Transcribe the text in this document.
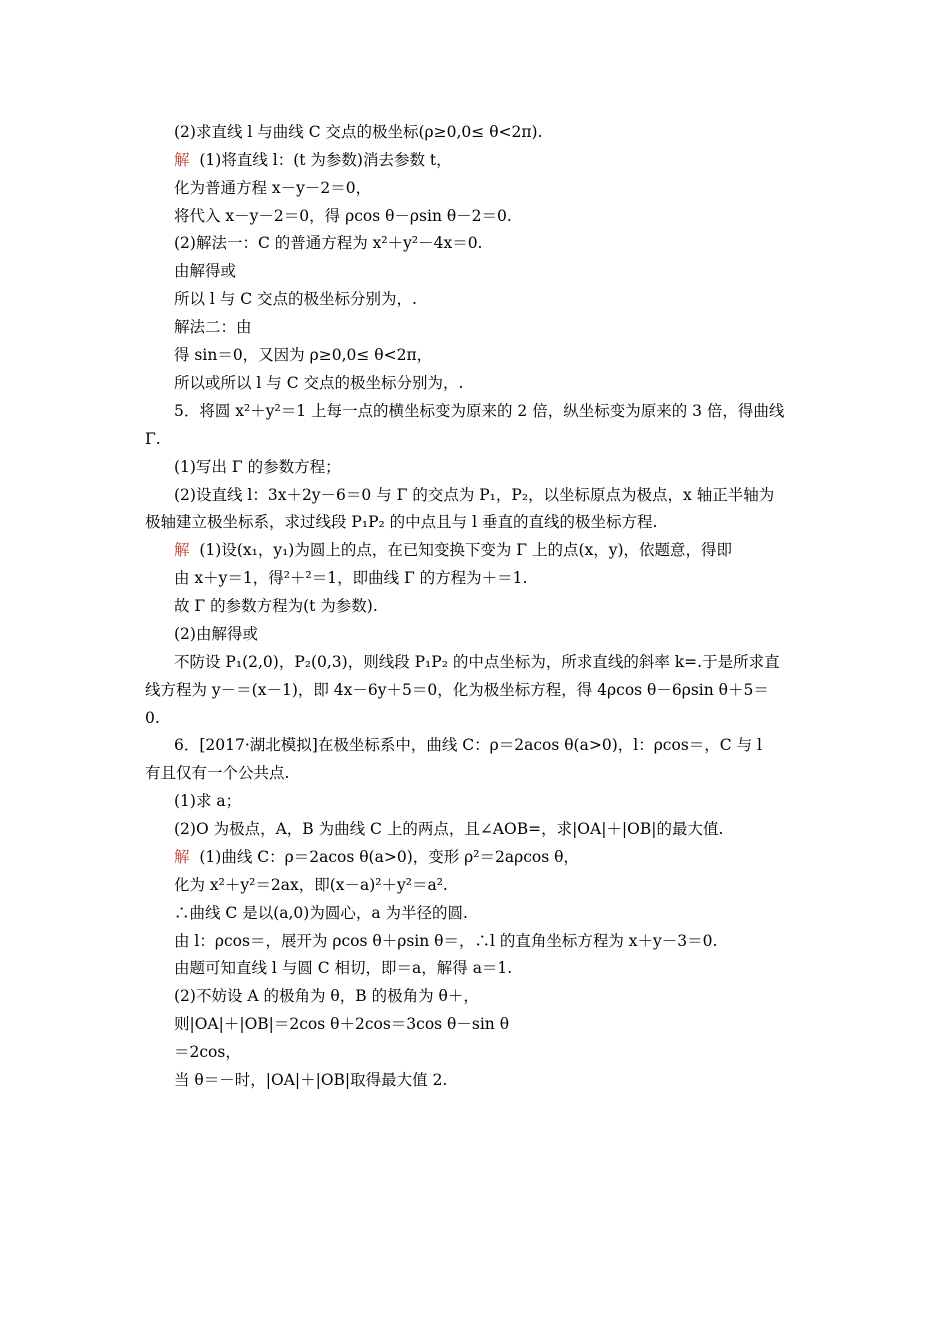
(2)求直线 l 与曲线 C 交点的极坐标(ρ≥0,0≤ θ<2π).
解 (1)将直线 l：(t 为参数)消去参数 t，
化为普通方程 x－y－2＝0，
将代入 x－y－2＝0，得 ρcos θ－ρsin θ－2＝0.
(2)解法一：C 的普通方程为 x²＋y²－4x＝0.
由解得或
所以 l 与 C 交点的极坐标分别为，.
解法二：由
得 sin＝0，又因为 ρ≥0,0≤ θ<2π，
所以或所以 l 与 C 交点的极坐标分别为，.
5．将圆 x²＋y²＝1 上每一点的横坐标变为原来的 2 倍，纵坐标变为原来的 3 倍，得曲线
Γ.
(1)写出 Γ 的参数方程；
(2)设直线 l：3x＋2y－6＝0 与 Γ 的交点为 P₁，P₂，以坐标原点为极点，x 轴正半轴为
极轴建立极坐标系，求过线段 P₁P₂ 的中点且与 l 垂直的直线的极坐标方程.
解 (1)设(x₁，y₁)为圆上的点，在已知变换下变为 Γ 上的点(x，y)，依题意，得即
由 x＋y＝1，得²＋²＝1，即曲线 Γ 的方程为＋＝1.
故 Γ 的参数方程为(t 为参数).
(2)由解得或
不防设 P₁(2,0)，P₂(0,3)，则线段 P₁P₂ 的中点坐标为，所求直线的斜率 k=.于是所求直
线方程为 y－＝(x－1)，即 4x－6y＋5＝0，化为极坐标方程，得 4ρcos θ－6ρsin θ＋5＝
0.
6．[2017·湖北模拟]在极坐标系中，曲线 C：ρ＝2acos θ(a>0)，l：ρcos＝，C 与 l
有且仅有一个公共点.
(1)求 a；
(2)O 为极点，A，B 为曲线 C 上的两点，且∠AOB=，求|OA|＋|OB|的最大值.
解 (1)曲线 C：ρ＝2acos θ(a>0)，变形 ρ²＝2aρcos θ，
化为 x²＋y²＝2ax，即(x－a)²＋y²＝a².
∴曲线 C 是以(a,0)为圆心，a 为半径的圆.
由 l：ρcos＝，展开为 ρcos θ＋ρsin θ＝，∴l 的直角坐标方程为 x＋y－3＝0.
由题可知直线 l 与圆 C 相切，即＝a，解得 a＝1.
(2)不妨设 A 的极角为 θ，B 的极角为 θ＋，
则|OA|＋|OB|＝2cos θ＋2cos＝3cos θ－sin θ
＝2cos，
当 θ＝－时，|OA|＋|OB|取得最大值 2.
